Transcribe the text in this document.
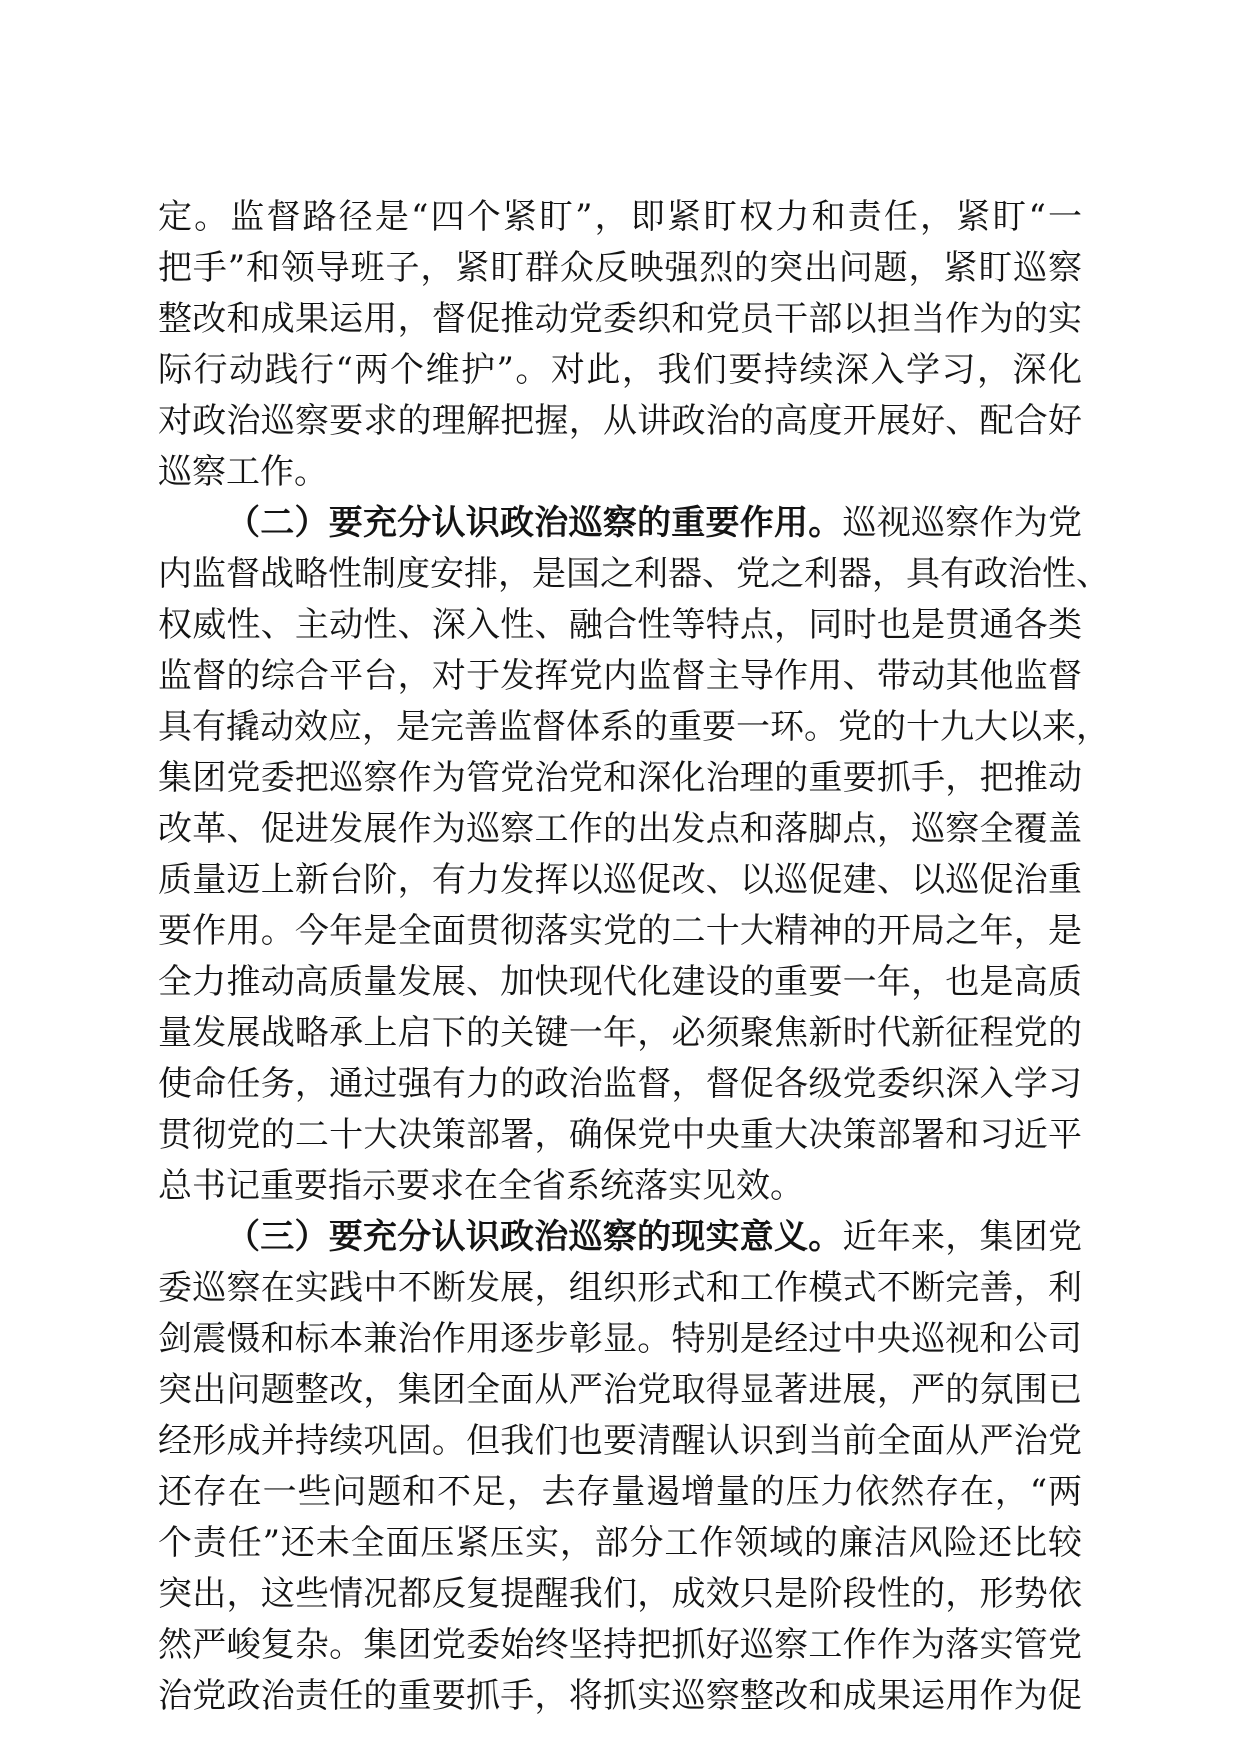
定。监督路径是“四个紧盯”，即紧盯权力和责任，紧盯“一
把手”和领导班子，紧盯群众反映强烈的突出问题，紧盯巡察
整改和成果运用，督促推动党委织和党员干部以担当作为的实
际行动践行“两个维护”。对此，我们要持续深入学习，深化
对政治巡察要求的理解把握，从讲政治的高度开展好、配合好
巡察工作。
（二）要充分认识政治巡察的重要作用。巡视巡察作为党
内监督战略性制度安排，是国之利器、党之利器，具有政治性、
权威性、主动性、深入性、融合性等特点，同时也是贯通各类
监督的综合平台，对于发挥党内监督主导作用、带动其他监督
具有撬动效应，是完善监督体系的重要一环。党的十九大以来，
集团党委把巡察作为管党治党和深化治理的重要抓手，把推动
改革、促进发展作为巡察工作的出发点和落脚点，巡察全覆盖
质量迈上新台阶，有力发挥以巡促改、以巡促建、以巡促治重
要作用。今年是全面贯彻落实党的二十大精神的开局之年，是
全力推动高质量发展、加快现代化建设的重要一年，也是高质
量发展战略承上启下的关键一年，必须聚焦新时代新征程党的
使命任务，通过强有力的政治监督，督促各级党委织深入学习
贯彻党的二十大决策部署，确保党中央重大决策部署和习近平
总书记重要指示要求在全省系统落实见效。
（三）要充分认识政治巡察的现实意义。近年来，集团党
委巡察在实践中不断发展，组织形式和工作模式不断完善，利
剑震慑和标本兼治作用逐步彰显。特别是经过中央巡视和公司
突出问题整改，集团全面从严治党取得显著进展，严的氛围已
经形成并持续巩固。但我们也要清醒认识到当前全面从严治党
还存在一些问题和不足，去存量遏增量的压力依然存在，“两
个责任”还未全面压紧压实，部分工作领域的廉洁风险还比较
突出，这些情况都反复提醒我们，成效只是阶段性的，形势依
然严峻复杂。集团党委始终坚持把抓好巡察工作作为落实管党
治党政治责任的重要抓手，将抓实巡察整改和成果运用作为促
